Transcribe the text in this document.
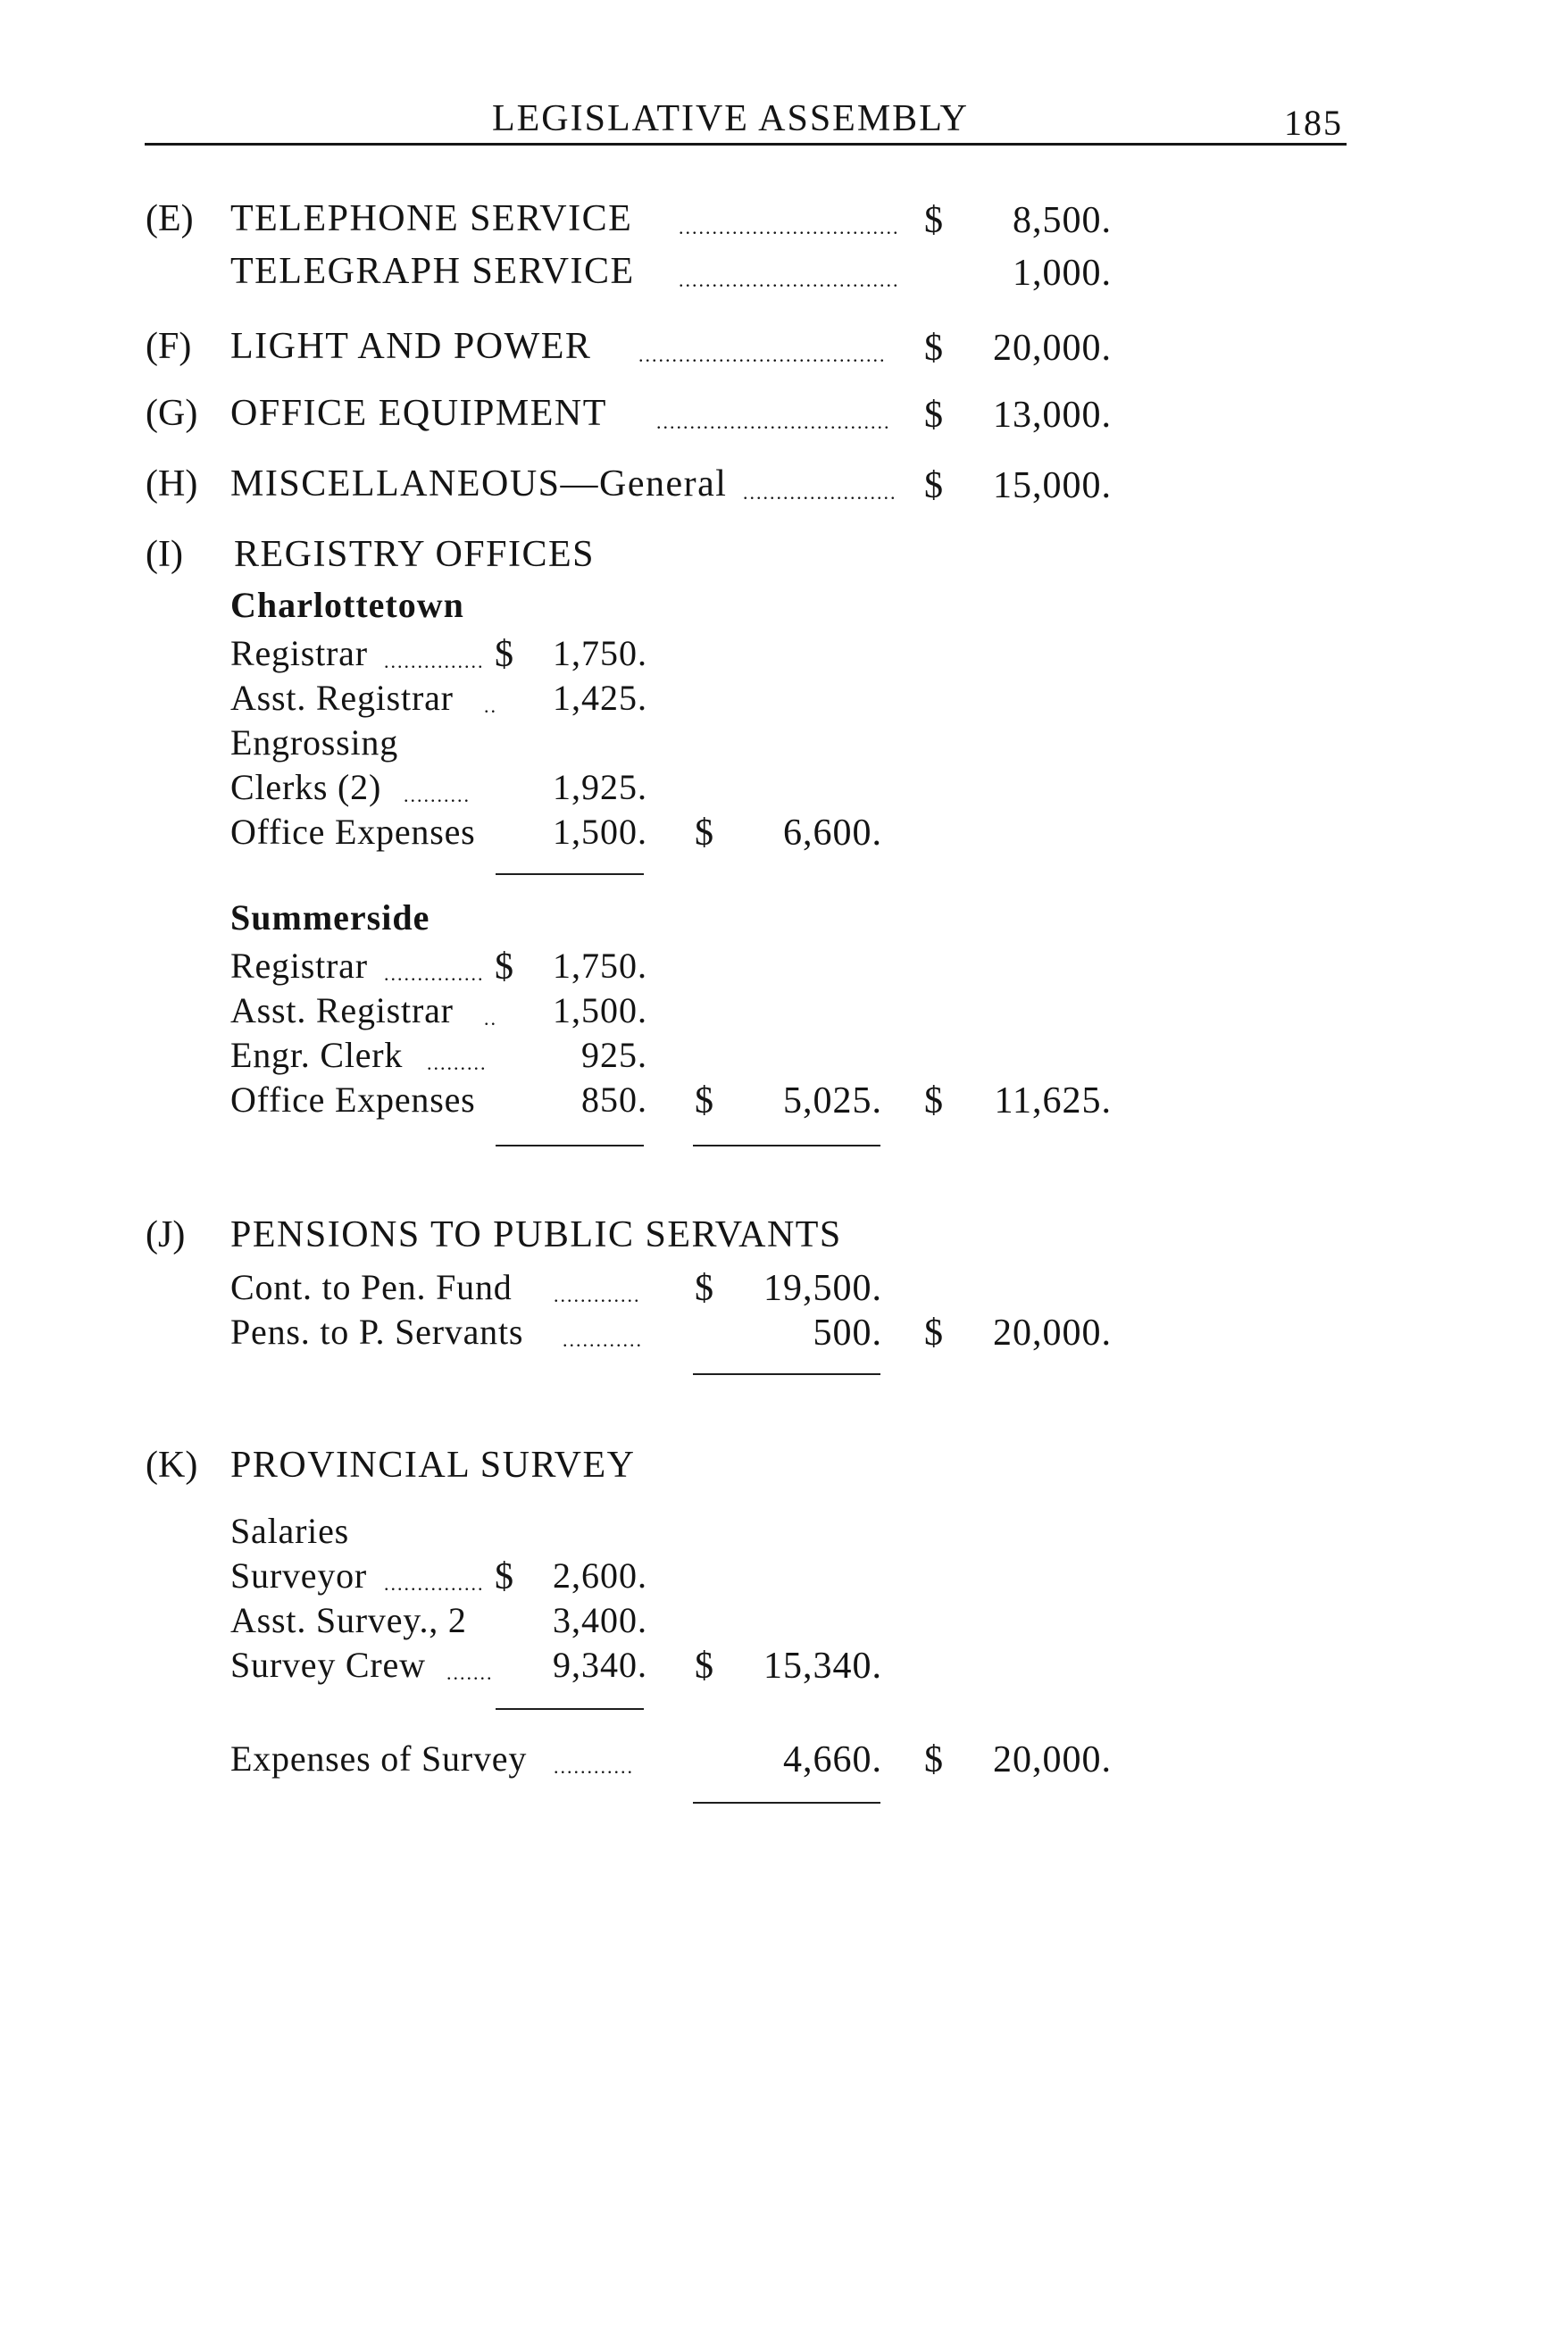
LEGISLATIVE ASSEMBLY	185
(E) TELEPHONE SERVICE ................................. $	8,500.
TELEGRAPH SERVICE .................................	1,000.
(F) LIGHT AND POWER ..................................... $	20,000.
(G) OFFICE EQUIPMENT	................................... $	13,000.
(H) MISCELLANEOUS—General ....................... $	15,000.
(I) REGISTRY OFFICES
Charlottetown
Registrar ............... $	1,750.
Asst. Registrar ..	1,425.
Engrossing
Clerks (2) ..........	1,925.
Office Expenses	1,500. $	6,600.
Summerside
Registrar ............... $	1,750.
Asst. Registrar ..	1,500.
Engr. Clerk .........	925.
Office Expenses	850. $	5,025. $	11,625.
(J) PENSIONS TO PUBLIC SERVANTS
Cont. to Pen. Fund ............. $	19,500.
Pens. to P. Servants ............	500. $	20,000.
(K) PROVINCIAL SURVEY
Salaries
Surveyor ............... $	2,600.
Asst. Survey., 2	3,400.
Survey Crew .......	9,340. $	15,340.
Expenses of Survey ............	4,660. $	20,000.
